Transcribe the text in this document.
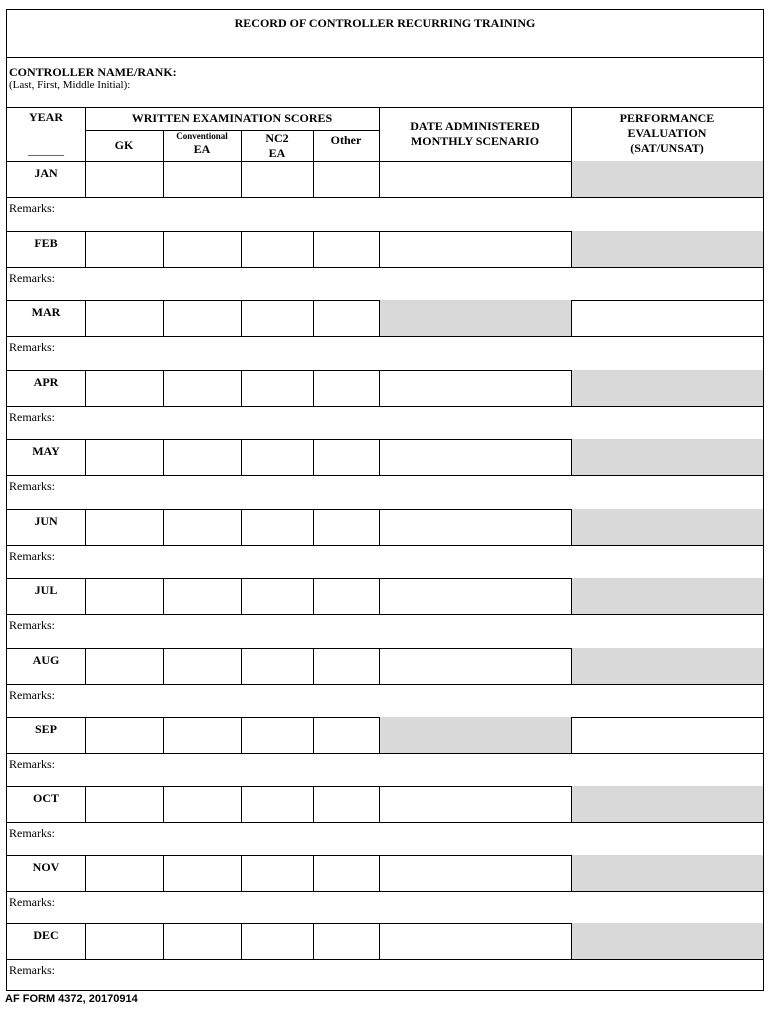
RECORD OF CONTROLLER RECURRING TRAINING
CONTROLLER NAME/RANK:
(Last, First, Middle Initial):
YEAR
______
WRITTEN EXAMINATION SCORES
GK
Conventional
EA
NC2
EA
Other
DATE ADMINISTERED
MONTHLY SCENARIO
PERFORMANCE
EVALUATION
(SAT/UNSAT)
JAN
Remarks:
FEB
Remarks:
MAR
Remarks:
APR
Remarks:
MAY
Remarks:
JUN
Remarks:
JUL
Remarks:
AUG
Remarks:
SEP
Remarks:
OCT
Remarks:
NOV
Remarks:
DEC
Remarks:
AF FORM 4372, 20170914
